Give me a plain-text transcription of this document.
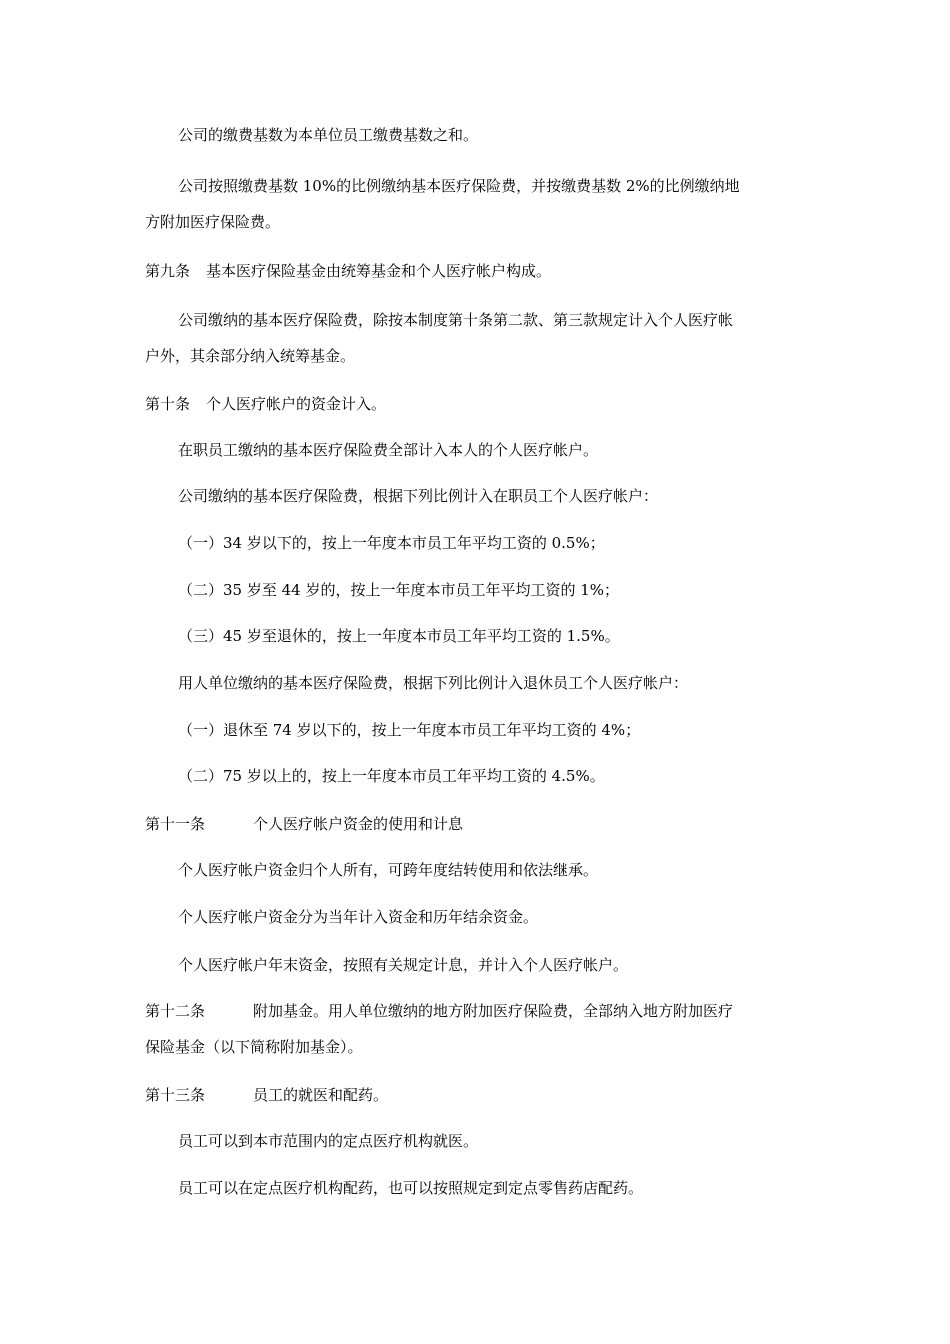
公司的缴费基数为本单位员工缴费基数之和。
公司按照缴费基数 10%的比例缴纳基本医疗保险费，并按缴费基数 2%的比例缴纳地
方附加医疗保险费。
第九条 基本医疗保险基金由统筹基金和个人医疗帐户构成。
公司缴纳的基本医疗保险费，除按本制度第十条第二款、第三款规定计入个人医疗帐
户外，其余部分纳入统筹基金。
第十条 个人医疗帐户的资金计入。
在职员工缴纳的基本医疗保险费全部计入本人的个人医疗帐户。
公司缴纳的基本医疗保险费，根据下列比例计入在职员工个人医疗帐户：
（一）34 岁以下的，按上一年度本市员工年平均工资的 0.5%；
（二）35 岁至 44 岁的，按上一年度本市员工年平均工资的 1%；
（三）45 岁至退休的，按上一年度本市员工年平均工资的 1.5%。
用人单位缴纳的基本医疗保险费，根据下列比例计入退休员工个人医疗帐户：
（一）退休至 74 岁以下的，按上一年度本市员工年平均工资的 4%；
（二）75 岁以上的，按上一年度本市员工年平均工资的 4.5%。
第十一条	个人医疗帐户资金的使用和计息
个人医疗帐户资金归个人所有，可跨年度结转使用和依法继承。
个人医疗帐户资金分为当年计入资金和历年结余资金。
个人医疗帐户年末资金，按照有关规定计息，并计入个人医疗帐户。
第十二条	附加基金。用人单位缴纳的地方附加医疗保险费，全部纳入地方附加医疗
保险基金（以下简称附加基金）。
第十三条	员工的就医和配药。
员工可以到本市范围内的定点医疗机构就医。
员工可以在定点医疗机构配药，也可以按照规定到定点零售药店配药。
